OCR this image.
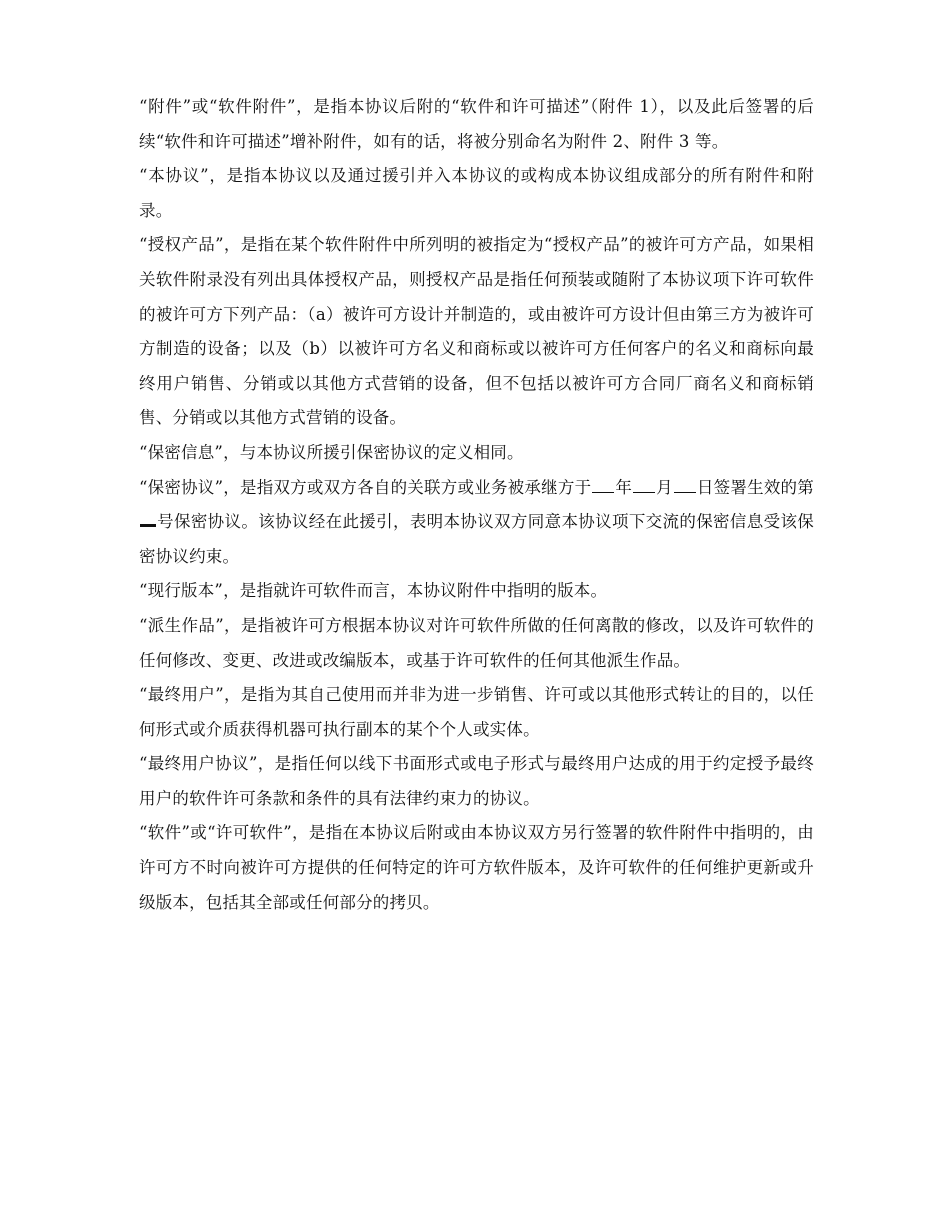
“附件”或“软件附件”，是指本协议后附的“软件和许可描述”（附件 1），以及此后签署的后续“软件和许可描述”增补附件，如有的话，将被分别命名为附件 2、附件 3 等。

“本协议”，是指本协议以及通过援引并入本协议的或构成本协议组成部分的所有附件和附录。

“授权产品”，是指在某个软件附件中所列明的被指定为“授权产品”的被许可方产品，如果相关软件附录没有列出具体授权产品，则授权产品是指任何预装或随附了本协议项下许可软件的被许可方下列产品：（a）被许可方设计并制造的，或由被许可方设计但由第三方为被许可方制造的设备；以及（b）以被许可方名义和商标或以被许可方任何客户的名义和商标向最终用户销售、分销或以其他方式营销的设备，但不包括以被许可方合同厂商名义和商标销售、分销或以其他方式营销的设备。

“保密信息”，与本协议所援引保密协议的定义相同。

“保密协议”，是指双方或双方各自的关联方或业务被承继方于 年 月 日签署生效的第号保密协议。该协议经在此援引，表明本协议双方同意本协议项下交流的保密信息受该保密协议约束。

“现行版本”，是指就许可软件而言，本协议附件中指明的版本。

“派生作品”，是指被许可方根据本协议对许可软件所做的任何离散的修改，以及许可软件的任何修改、变更、改进或改编版本，或基于许可软件的任何其他派生作品。

“最终用户”，是指为其自己使用而并非为进一步销售、许可或以其他形式转让的目的，以任何形式或介质获得机器可执行副本的某个个人或实体。

“最终用户协议”，是指任何以线下书面形式或电子形式与最终用户达成的用于约定授予最终用户的软件许可条款和条件的具有法律约束力的协议。

“软件”或“许可软件”，是指在本协议后附或由本协议双方另行签署的软件附件中指明的，由许可方不时向被许可方提供的任何特定的许可方软件版本，及许可软件的任何维护更新或升级版本，包括其全部或任何部分的拷贝。
